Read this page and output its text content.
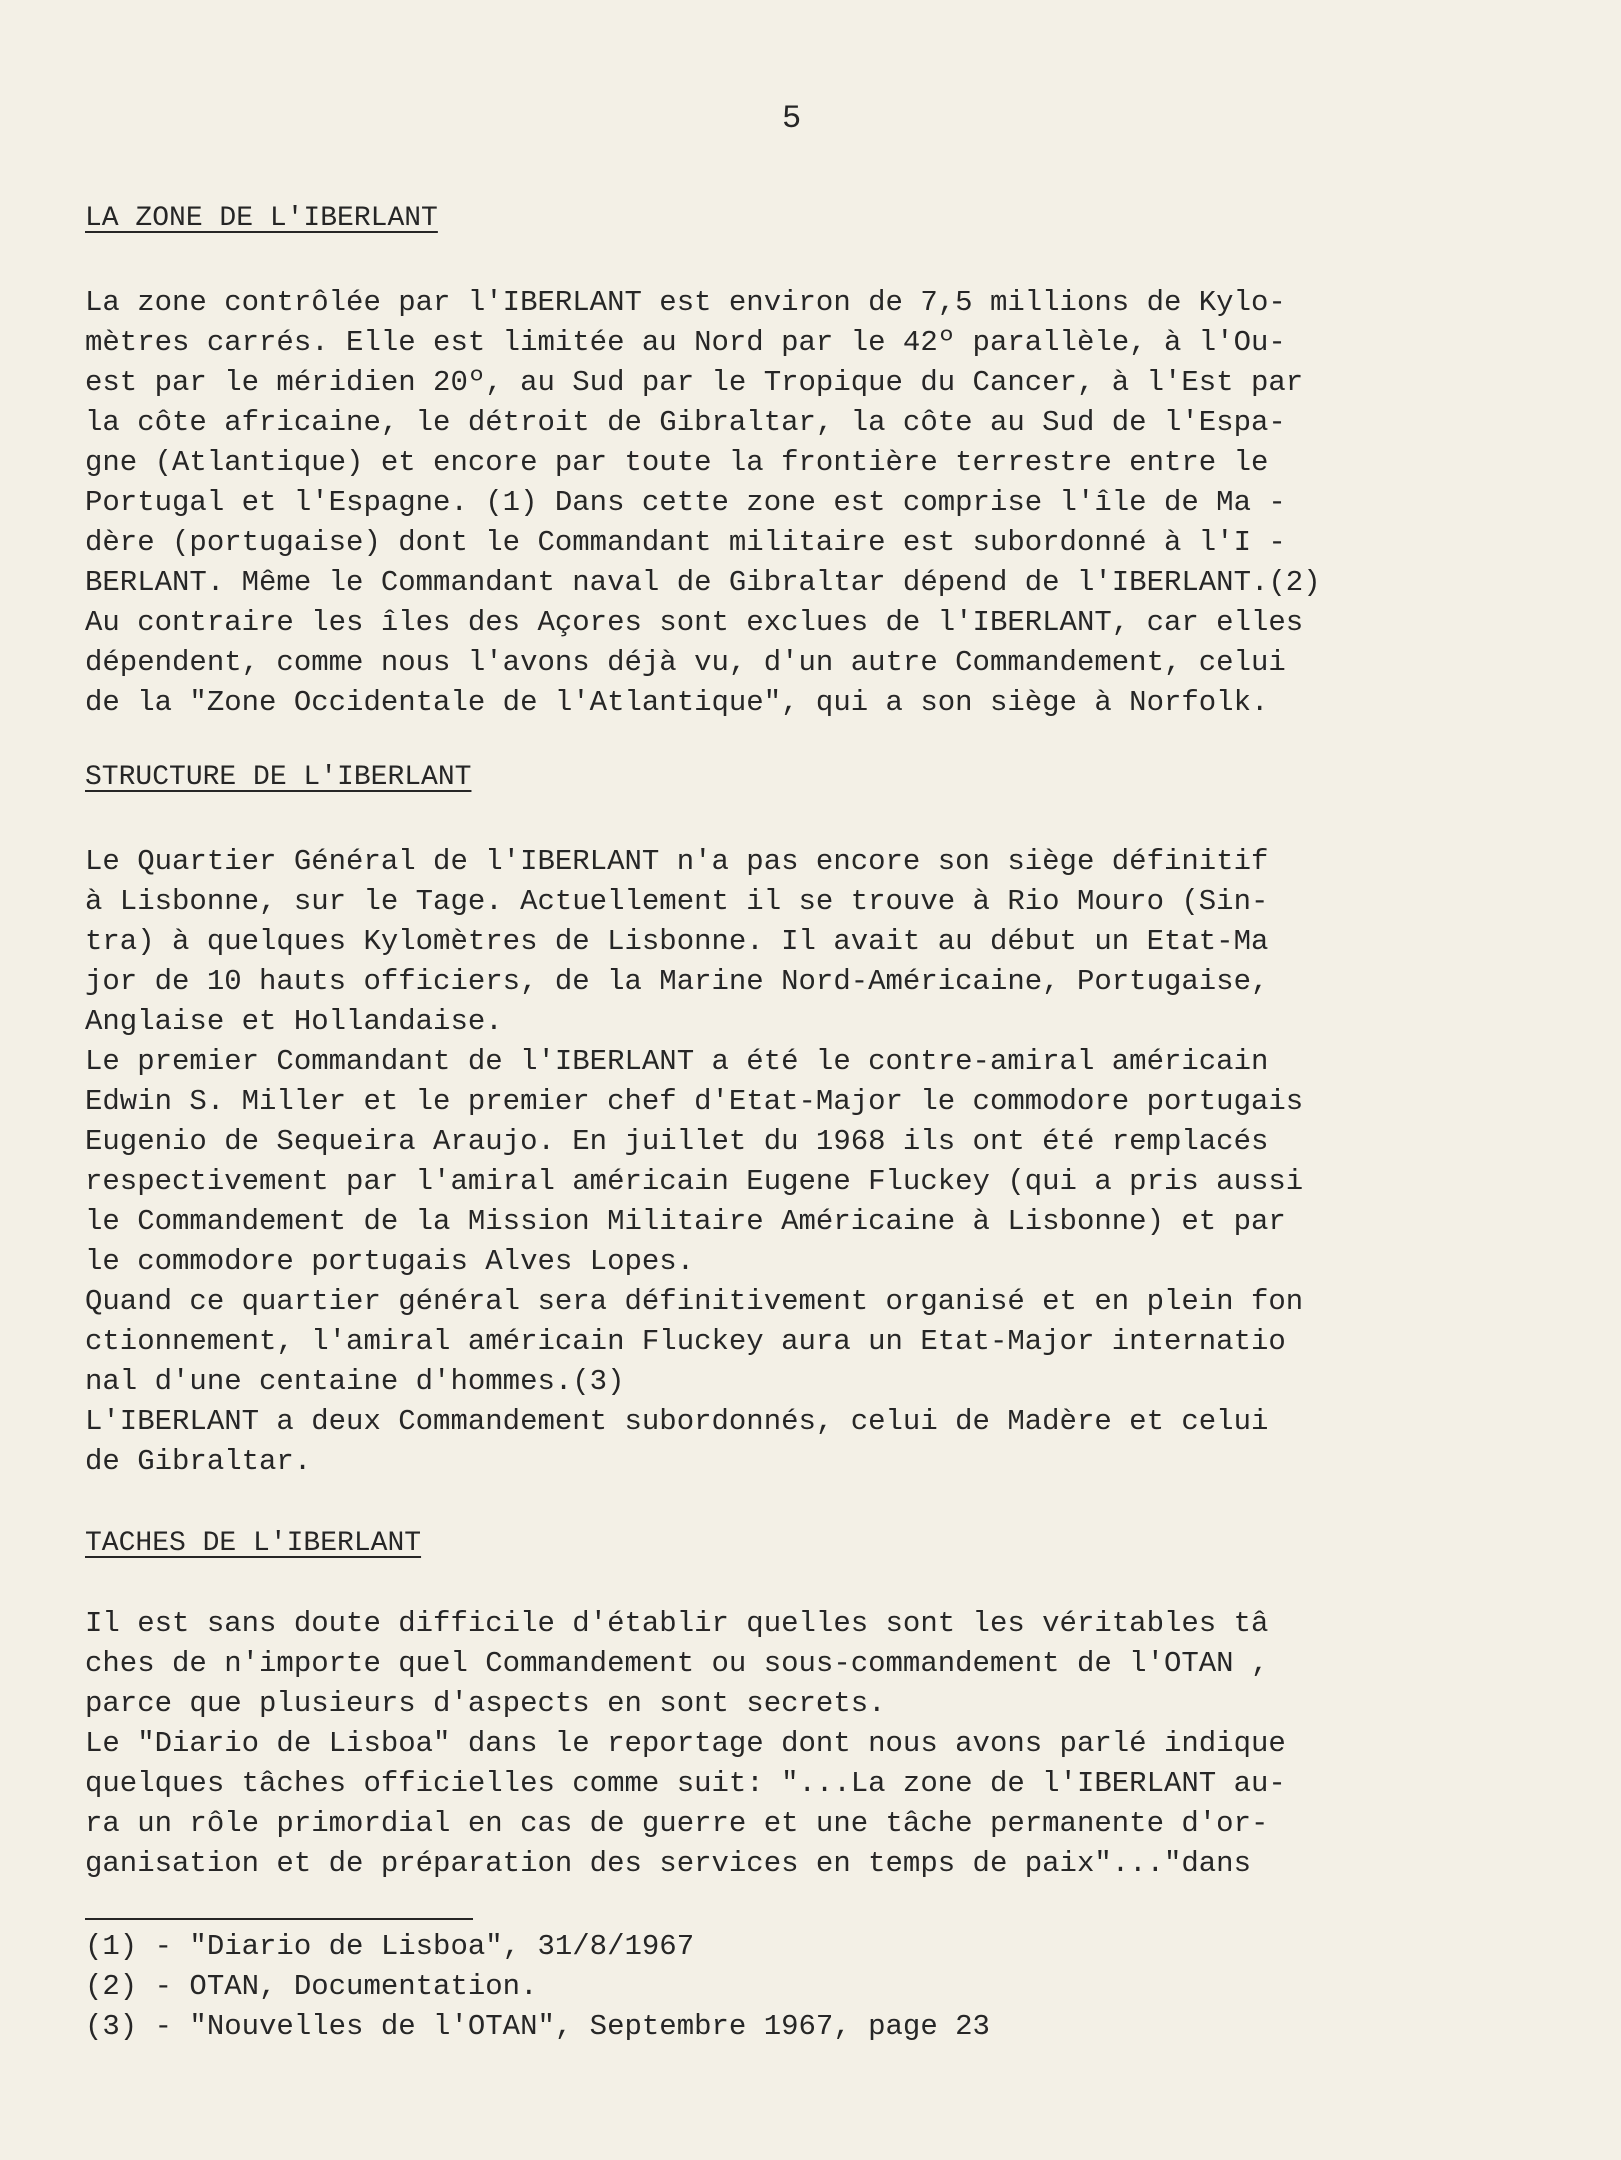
5
LA ZONE DE L'IBERLANT
La zone contrôlée par l'IBERLANT est environ de 7,5 millions de Kylo-
mètres carrés. Elle est limitée au Nord par le 42º parallèle, à l'Ou-
est par le méridien 20º, au Sud par le Tropique du Cancer, à l'Est par
la côte africaine, le détroit de Gibraltar, la côte au Sud de l'Espa-
gne (Atlantique) et encore par toute la frontière terrestre entre le
Portugal et l'Espagne. (1) Dans cette zone est comprise l'île de Ma -
dère (portugaise) dont le Commandant militaire est subordonné à l'I -
BERLANT. Même le Commandant naval de Gibraltar dépend de l'IBERLANT.(2)
Au contraire les îles des Açores sont exclues de l'IBERLANT, car elles
dépendent, comme nous l'avons déjà vu, d'un autre Commandement, celui
de la "Zone Occidentale de l'Atlantique", qui a son siège à Norfolk.
STRUCTURE DE L'IBERLANT
Le Quartier Général de l'IBERLANT n'a pas encore son siège définitif
à Lisbonne, sur le Tage. Actuellement il se trouve à Rio Mouro (Sin-
tra) à quelques Kylomètres de Lisbonne. Il avait au début un Etat-Ma
jor de 10 hauts officiers, de la Marine Nord-Américaine, Portugaise,
Anglaise et Hollandaise.
Le premier Commandant de l'IBERLANT a été le contre-amiral américain
Edwin S. Miller et le premier chef d'Etat-Major le commodore portugais
Eugenio de Sequeira Araujo. En juillet du 1968 ils ont été remplacés
respectivement par l'amiral américain Eugene Fluckey (qui a pris aussi
le Commandement de la Mission Militaire Américaine à Lisbonne) et par
le commodore portugais Alves Lopes.
Quand ce quartier général sera définitivement organisé et en plein fon
ctionnement, l'amiral américain Fluckey aura un Etat-Major internatio
nal d'une centaine d'hommes.(3)
L'IBERLANT a deux Commandement subordonnés, celui de Madère et celui
de Gibraltar.
TACHES DE L'IBERLANT
Il est sans doute difficile d'établir quelles sont les véritables tâ
ches de n'importe quel Commandement ou sous-commandement de l'OTAN ,
parce que plusieurs d'aspects en sont secrets.
Le "Diario de Lisboa" dans le reportage dont nous avons parlé indique
quelques tâches officielles comme suit: "...La zone de l'IBERLANT au-
ra un rôle primordial en cas de guerre et une tâche permanente d'or-
ganisation et de préparation des services en temps de paix"..."dans
(1) - "Diario de Lisboa", 31/8/1967
(2) - OTAN, Documentation.
(3) - "Nouvelles de l'OTAN", Septembre 1967, page 23
